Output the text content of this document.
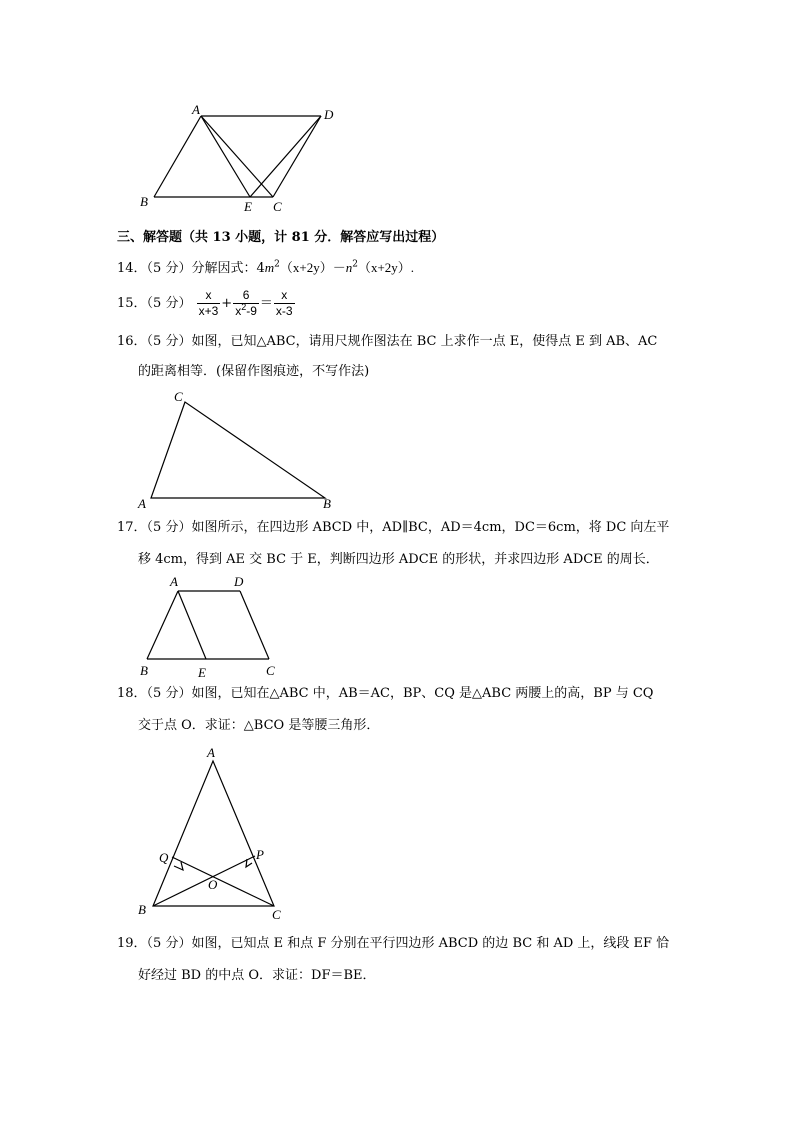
A	D
B	E C
三、解答题（共 13 小题，计 81 分．解答应写出过程）
14．（5 分）分解因式：$4m^2(x+2y)-n^2(x+2y)$.
15．（5 分） $\frac{x}{x+3} + \frac{6}{x^2-9} = \frac{x}{x-3}$
16．（5 分）如图，已知△ABC，请用尺规作图法在 BC 上求作一点 E，使得点 E 到 AB、AC
的距离相等．(保留作图痕迹，不写作法)
C
A	B
17．（5 分）如图所示，在四边形 ABCD 中，AD∥BC，AD＝4cm，DC＝6cm，将 DC 向左平
移 4cm，得到 AE 交 BC 于 E，判断四边形 ADCE 的形状，并求四边形 ADCE 的周长．
A	D
B	E	C
18．（5 分）如图，已知在△ABC 中，AB＝AC，BP、CQ 是△ABC 两腰上的高，BP 与 CQ
交于点 O．求证：△BCO 是等腰三角形．
A
Q	P
O
B	C
19．（5 分）如图，已知点 E 和点 F 分别在平行四边形 ABCD 的边 BC 和 AD 上，线段 EF 恰
好经过 BD 的中点 O．求证：DF＝BE．
